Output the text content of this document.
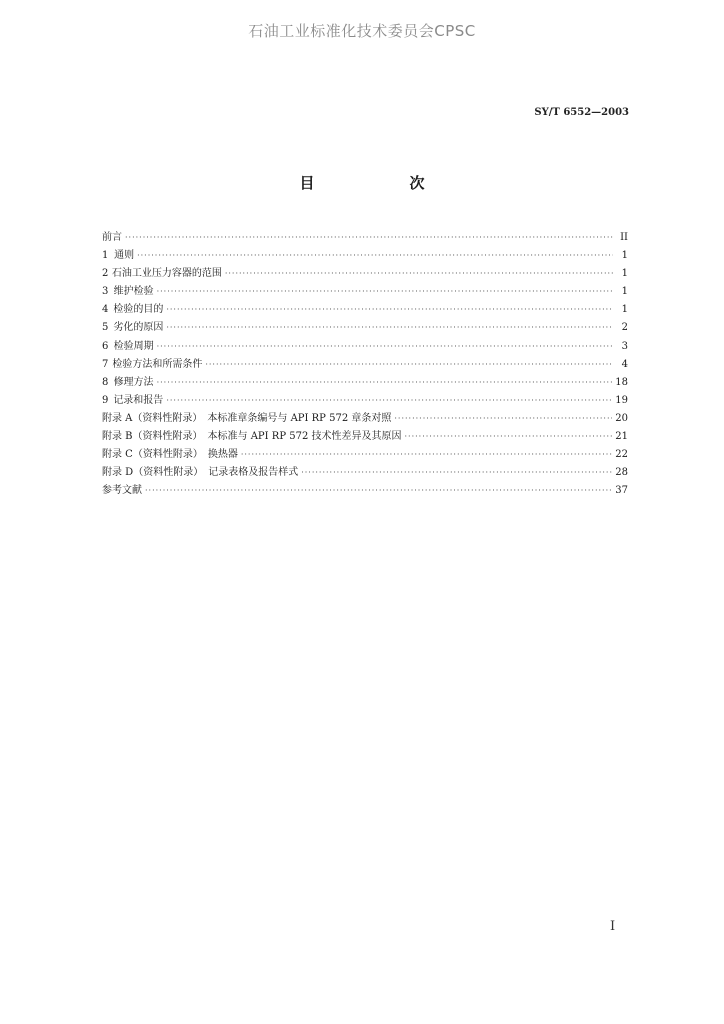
石油工业标准化技术委员会CPSC
SY/T 6552—2003
目　次
前言 ·····	II
1 通则 ·····	1
2 石油工业压力容器的范围 ·····	1
3 维护检验 ·····	1
4 检验的目的 ·····	1
5 劣化的原因 ·····	2
6 检验周期 ·····	3
7 检验方法和所需条件 ·····	4
8 修理方法 ·····	18
9 记录和报告 ·····	19
附录 A（资料性附录）　本标准章条编号与 API RP 572 章条对照 ·····	20
附录 B（资料性附录）　本标准与 API RP 572 技术性差异及其原因 ·····	21
附录 C（资料性附录）　换热器 ·····	22
附录 D（资料性附录）　记录表格及报告样式 ·····	28
参考文献 ·····	37
I
